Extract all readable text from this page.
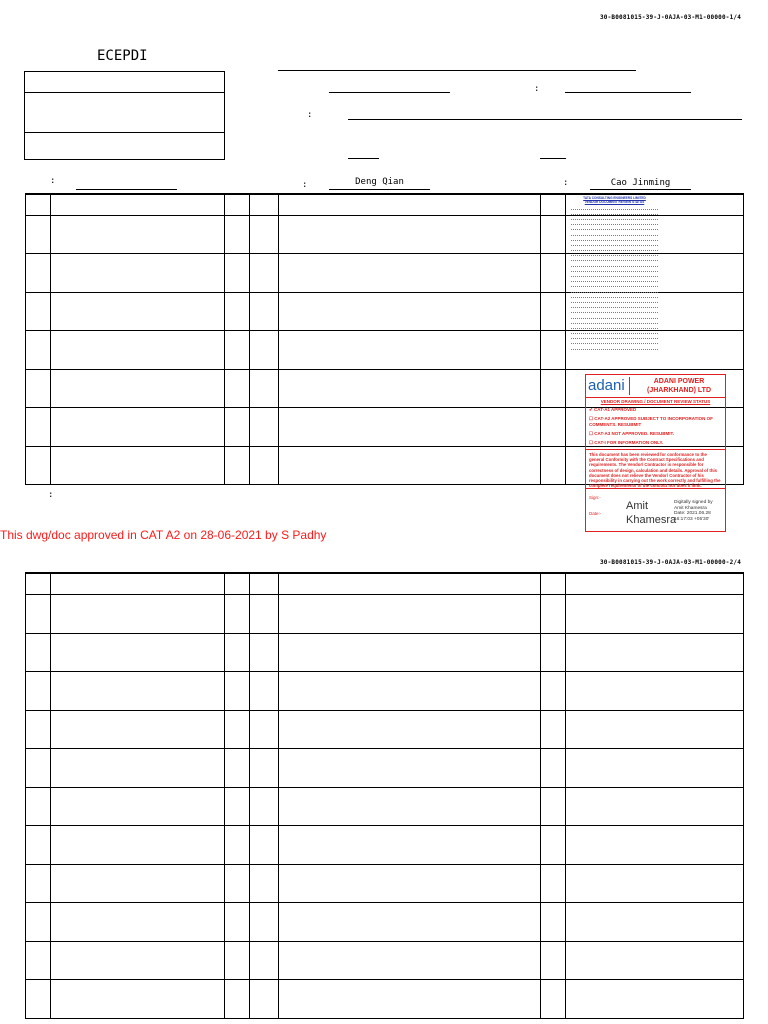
30-B0081015-39-J-0AJA-03-M1-00000-1/4
ECEPDI
:
:
:	:	Deng Qian	:	Cao Jinming

:
TATA CONSULTING ENGINEERS LIMITED
VENDOR DOCUMENT REVIEW STATUS
adani	ADANI POWER (JHARKHAND) LTD
VENDOR DRAWING / DOCUMENT REVIEW STATUS
✔ CAT-A1 APPROVED
☐ CAT-A2 APPROVED SUBJECT TO INCORPORATION OF COMMENTS. RESUBMIT
☐ CAT-A3 NOT APPROVED. RESUBMIT.
☐ CAT-I FOR INFORMATION ONLY.
This document has been reviewed for conformance to the general Conformity with the Contract Specifications and requirements. The Vendor/ Contractor is responsible for correctness of design, calculation and details. Approval of this document does not relieve the Vendor/ Contractor of his responsibility in carrying out the work correctly and fulfilling the complete requirements of the contract nor does it limit.
Sign:-
Date:-
Amit
Khamesra
Digitally signed by
Amit Khamesra
Date: 2021.06.28
16:17:03 +05'30'
This dwg/doc approved in CAT A2 on 28-06-2021 by S Padhy
30-B0081015-39-J-0AJA-03-M1-00000-2/4
